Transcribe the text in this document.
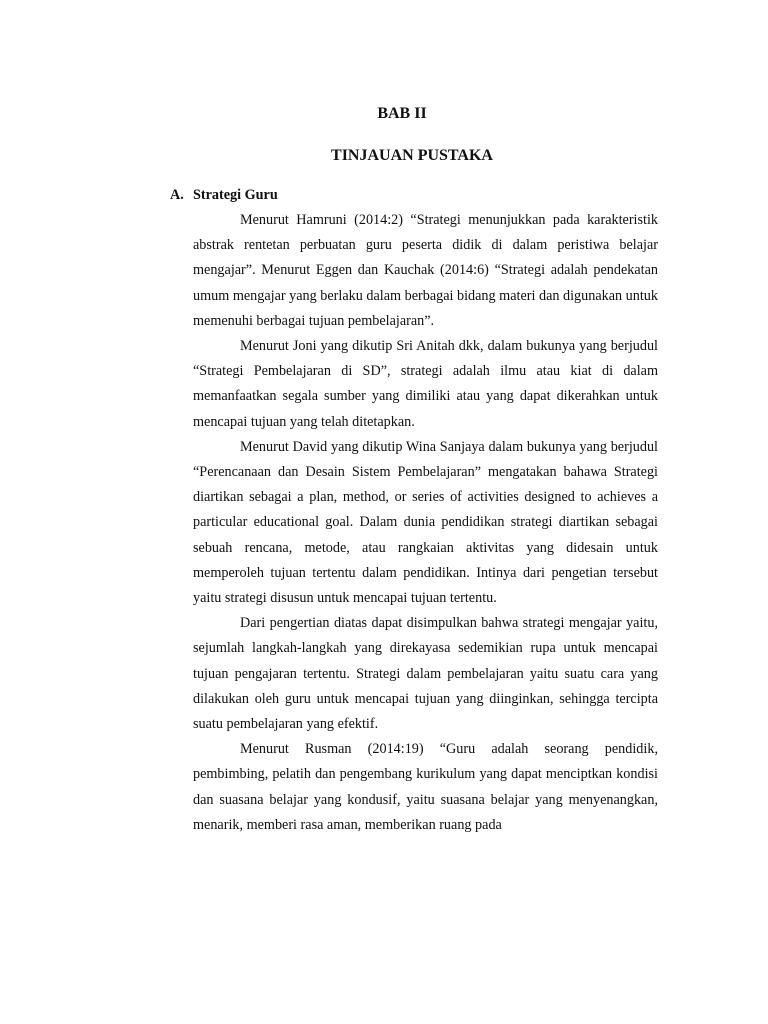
BAB II
TINJAUAN PUSTAKA
A. Strategi Guru

Menurut Hamruni (2014:2) “Strategi menunjukkan pada karakteristik abstrak rentetan perbuatan guru peserta didik di dalam peristiwa belajar mengajar”. Menurut Eggen dan Kauchak (2014:6) “Strategi adalah pendekatan umum mengajar yang berlaku dalam berbagai bidang materi dan digunakan untuk memenuhi berbagai tujuan pembelajaran”.

Menurut Joni yang dikutip Sri Anitah dkk, dalam bukunya yang berjudul “Strategi Pembelajaran di SD”, strategi adalah ilmu atau kiat di dalam memanfaatkan segala sumber yang dimiliki atau yang dapat dikerahkan untuk mencapai tujuan yang telah ditetapkan.

Menurut David yang dikutip Wina Sanjaya dalam bukunya yang berjudul “Perencanaan dan Desain Sistem Pembelajaran” mengatakan bahawa Strategi diartikan sebagai a plan, method, or series of activities designed to achieves a particular educational goal. Dalam dunia pendidikan strategi diartikan sebagai sebuah rencana, metode, atau rangkaian aktivitas yang didesain untuk memperoleh tujuan tertentu dalam pendidikan. Intinya dari pengetian tersebut yaitu strategi disusun untuk mencapai tujuan tertentu.

Dari pengertian diatas dapat disimpulkan bahwa strategi mengajar yaitu, sejumlah langkah-langkah yang direkayasa sedemikian rupa untuk mencapai tujuan pengajaran tertentu. Strategi dalam pembelajaran yaitu suatu cara yang dilakukan oleh guru untuk mencapai tujuan yang diinginkan, sehingga tercipta suatu pembelajaran yang efektif.

Menurut Rusman (2014:19) “Guru adalah seorang pendidik, pembimbing, pelatih dan pengembang kurikulum yang dapat menciptkan kondisi dan suasana belajar yang kondusif, yaitu suasana belajar yang menyenangkan, menarik, memberi rasa aman, memberikan ruang pada
